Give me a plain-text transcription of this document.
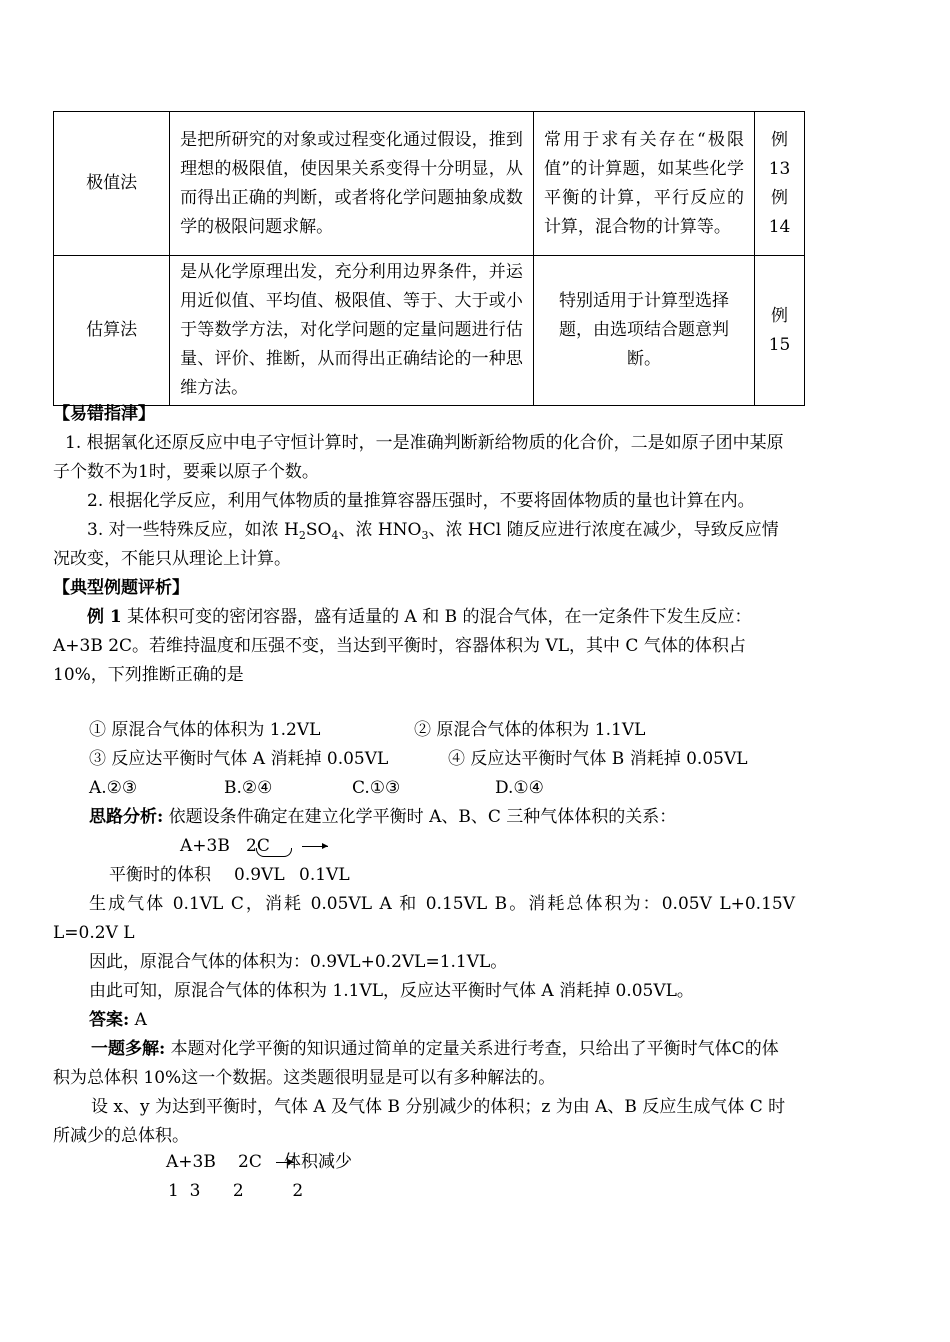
极值法	是把所研究的对象或过程变化通过假设，推到理想的极限值，使因果关系变得十分明显，从而得出正确的判断，或者将化学问题抽象成数学的极限问题求解。	常用于求有关存在“极限值”的计算题，如某些化学平衡的计算，平行反应的计算，混合物的计算等。	例
13
例
14

估算法	是从化学原理出发，充分利用边界条件，并运用近似值、平均值、极限值、等于、大于或小于等数学方法，对化学问题的定量问题进行估量、评价、推断，从而得出正确结论的一种思维方法。	特别适用于计算型选择题，由选项结合题意判断。	例
15

【易错指津】

1. 根据氧化还原反应中电子守恒计算时，一是准确判断新给物质的化合价，二是如原子团中某原子个数不为1时，要乘以原子个数。

2. 根据化学反应，利用气体物质的量推算容器压强时，不要将固体物质的量也计算在内。

3. 对一些特殊反应，如浓 $H_2SO_4$、浓 $HNO_3$、浓 HCl 随反应进行浓度在减少，导致反应情况改变，不能只从理论上计算。

【典型例题评析】

例 1 某体积可变的密闭容器，盛有适量的 A 和 B 的混合气体，在一定条件下发生反应：A+3B 2C。若维持温度和压强不变，当达到平衡时，容器体积为 VL，其中 C 气体的体积占 10%，下列推断正确的是

① 原混合气体的体积为 1.2VL	② 原混合气体的体积为 1.1VL
③ 反应达平衡时气体 A 消耗掉 0.05VL	④ 反应达平衡时气体 B 消耗掉 0.05VL
A.②③	B.②④	C.①③	D.①④
思路分析: 依题设条件确定在建立化学平衡时 A、B、C 三种气体体积的关系：
A+3B 2C
平衡时的体积 0.9VL 0.1VL

生成气体 0.1VL C，消耗 0.05VL A 和 0.15VL B。消耗总体积为：0.05V L+0.15V L=0.2V L

因此，原混合气体的体积为：0.9VL+0.2VL=1.1VL。

由此可知，原混合气体的体积为 1.1VL，反应达平衡时气体 A 消耗掉 0.05VL。

答案: A

一题多解: 本题对化学平衡的知识通过简单的定量关系进行考查，只给出了平衡时气体C的体积为总体积 10%这一个数据。这类题很明显是可以有多种解法的。

设 x、y 为达到平衡时，气体 A 及气体 B 分别减少的体积；z 为由 A、B 反应生成气体 C 时所减少的总体积。

A+3B 2C 体积减少
1  3      2         2
